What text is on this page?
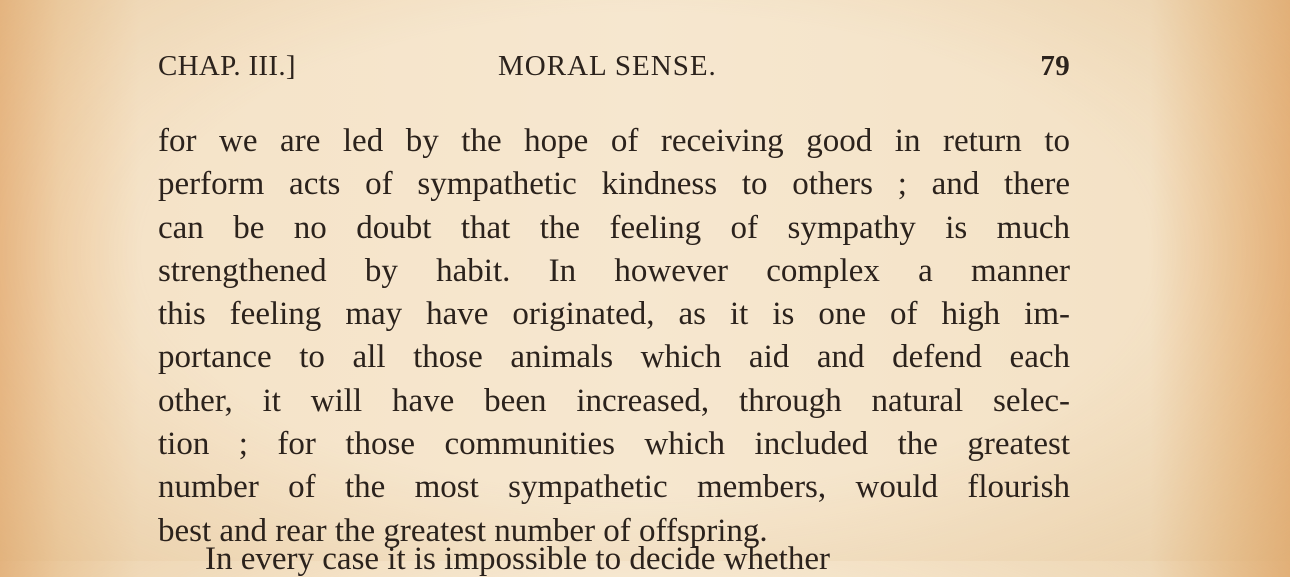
CHAP. III.]	MORAL SENSE.	79
for we are led by the hope of receiving good in return to
perform acts of sympathetic kindness to others ; and there
can be no doubt that the feeling of sympathy is much
strengthened by habit. In however complex a manner
this feeling may have originated, as it is one of high im-
portance to all those animals which aid and defend each
other, it will have been increased, through natural selec-
tion ; for those communities which included the greatest
number of the most sympathetic members, would flourish
best and rear the greatest number of offspring.
In every case it is impossible to decide whether
